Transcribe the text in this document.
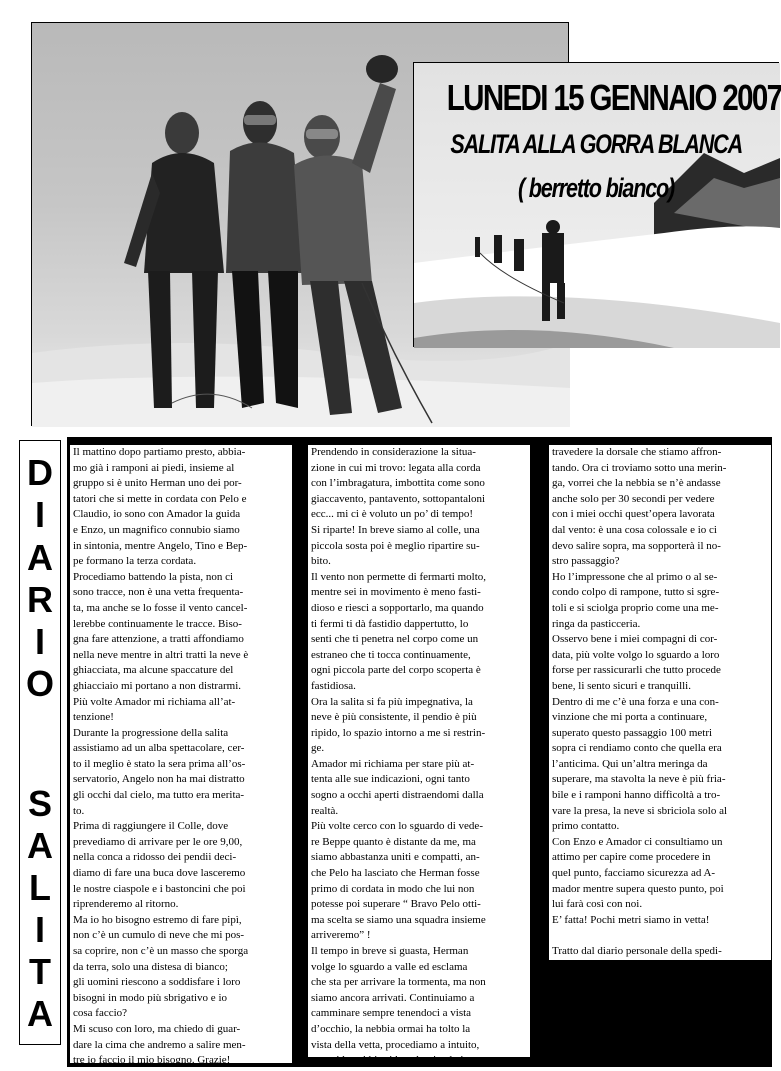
LUNEDI 15 GENNAIO 2007
SALITA ALLA GORRA BLANCA
( berretto bianco)
D
I
A
R
I
O
S
A
L
I
T
A

Il mattino dopo partiamo presto, abbia-
mo già i ramponi ai piedi, insieme al
gruppo si è unito Herman uno dei por-
tatori che si mette in cordata con Pelo e
Claudio, io sono con Amador la guida
e Enzo, un magnifico connubio siamo
in sintonia, mentre Angelo, Tino e Bep-
pe formano la terza cordata.
Procediamo battendo la pista, non ci
sono tracce, non è una vetta frequenta-
ta, ma anche se lo fosse il vento cancel-
lerebbe continuamente le tracce. Biso-
gna fare attenzione, a tratti affondiamo
nella neve mentre in altri tratti la neve è
ghiacciata, ma alcune spaccature del
ghiacciaio mi portano a non distrarmi.
Più volte Amador mi richiama all’at-
tenzione!
Durante la progressione della salita
assistiamo ad un alba spettacolare, cer-
to il meglio è stato la sera prima all’os-
servatorio, Angelo non ha mai distratto
gli occhi dal cielo, ma tutto era merita-
to.
Prima di raggiungere il Colle, dove
prevediamo di arrivare per le ore 9,00,
nella conca a ridosso dei pendii deci-
diamo di fare una buca dove lasceremo
le nostre ciaspole e i bastoncini che poi
riprenderemo al ritorno.
Ma io ho bisogno estremo di fare pipì,
non c’è un cumulo di neve che mi pos-
sa coprire, non c’è un masso che sporga
da terra, solo una distesa di bianco;
gli uomini riescono a soddisfare i loro
bisogni in modo più sbrigativo e io
cosa faccio?
Mi scuso con loro, ma chiedo di guar-
dare la cima che andremo a salire men-
tre io faccio il mio bisogno. Grazie!

Prendendo in considerazione la situa-
zione in cui mi trovo: legata alla corda
con l’imbragatura, imbottita come sono
giaccavento, pantavento, sottopantaloni
ecc... mi ci è voluto un po’ di tempo!
Si riparte! In breve siamo al colle, una
piccola sosta poi è meglio ripartire su-
bito.
Il vento non permette di fermarti molto,
mentre sei in movimento è meno fasti-
dioso e riesci a sopportarlo, ma quando
ti fermi ti dà fastidio dappertutto, lo
senti che ti penetra nel corpo come un
estraneo che ti tocca continuamente,
ogni piccola parte del corpo scoperta è
fastidiosa.
Ora la salita si fa più impegnativa, la
neve è più consistente, il pendio è più
ripido, lo spazio intorno a me si restrin-
ge.
Amador mi richiama per stare più at-
tenta alle sue indicazioni, ogni tanto
sogno a occhi aperti distraendomi dalla
realtà.
Più volte cerco con lo sguardo di vede-
re Beppe quanto è distante da me, ma
siamo abbastanza uniti e compatti, an-
che Pelo ha lasciato che Herman fosse
primo di cordata in modo che lui non
potesse poi superare “ Bravo Pelo otti-
ma scelta se siamo una squadra insieme
arriveremo” !
Il tempo in breve si guasta, Herman
volge lo sguardo a valle ed esclama
che sta per arrivare la tormenta, ma non
siamo ancora arrivati. Continuiamo a
camminare sempre tenendoci a vista
d’occhio, la nebbia ormai ha tolto la
vista della vetta, procediamo a intuito,
a tratti la nebbia si leva lasciando in-

travedere la dorsale che stiamo affron-
tando. Ora ci troviamo sotto una merin-
ga, vorrei che la nebbia se n’è andasse
anche solo per 30 secondi per vedere
con i miei occhi quest’opera lavorata
dal vento: è una cosa colossale e io ci
devo salire sopra, ma sopporterà il no-
stro passaggio?
Ho l’impressone che al primo o al se-
condo colpo di rampone, tutto si sgre-
toli e si sciolga proprio come una me-
ringa da pasticceria.
Osservo bene i miei compagni di cor-
data, più volte volgo lo sguardo a loro
forse per rassicurarli che tutto procede
bene, li sento sicuri e tranquilli.
Dentro di me c’è una forza e una con-
vinzione che mi porta a continuare,
superato questo passaggio 100 metri
sopra ci rendiamo conto che quella era
l’anticima. Qui un’altra meringa da
superare, ma stavolta la neve è più fria-
bile e i ramponi hanno difficoltà a tro-
vare la presa, la neve si sbriciola solo al
primo contatto.
Con Enzo e Amador ci consultiamo un
attimo per capire come procedere in
quel punto, facciamo sicurezza ad A-
mador mentre supera questo punto, poi
lui farà così con noi.
E’ fatta! Pochi metri siamo in vetta!

Tratto dal diario personale della spedi-
zione

Patrizia P.
